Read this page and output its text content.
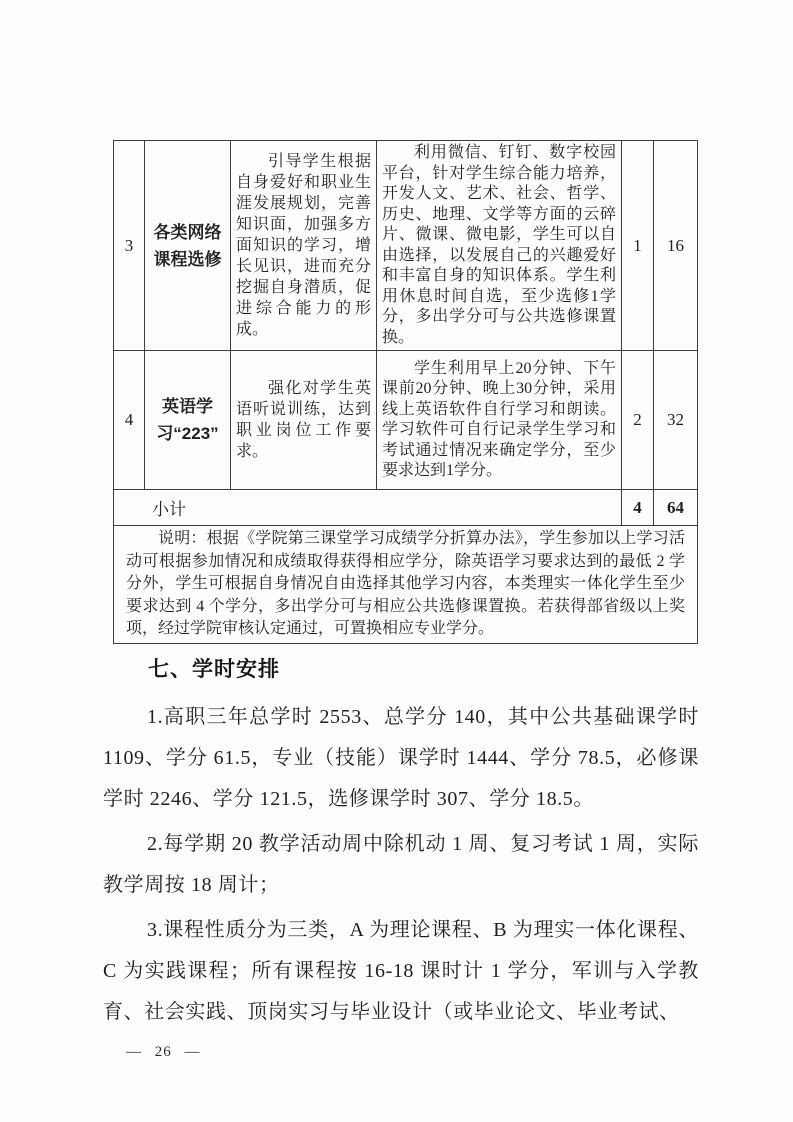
3	各类网络课程选修	引导学生根据自身爱好和职业生涯发展规划，完善知识面，加强多方面知识的学习，增长见识，进而充分挖掘自身潜质，促进综合能力的形成。	利用微信、钉钉、数字校园平台，针对学生综合能力培养，开发人文、艺术、社会、哲学、历史、地理、文学等方面的云碎片、微课、微电影，学生可以自由选择，以发展自己的兴趣爱好和丰富自身的知识体系。学生利用休息时间自选，至少选修1学分，多出学分可与公共选修课置换。	1	16
4	英语学习“223”	强化对学生英语听说训练，达到职业岗位工作要求。	学生利用早上20分钟、下午课前20分钟、晚上30分钟，采用线上英语软件自行学习和朗读。学习软件可自行记录学生学习和考试通过情况来确定学分，至少要求达到1学分。	2	32
小计				4	64

说明：根据《学院第三课堂学习成绩学分折算办法》，学生参加以上学习活动可根据参加情况和成绩取得获得相应学分，除英语学习要求达到的最低 2 学分外，学生可根据自身情况自由选择其他学习内容，本类理实一体化学生至少要求达到 4 个学分，多出学分可与相应公共选修课置换。若获得部省级以上奖项，经过学院审核认定通过，可置换相应专业学分。					
七、学时安排

1.高职三年总学时 2553、总学分 140，其中公共基础课学时 1109、学分 61.5，专业（技能）课学时 1444、学分 78.5，必修课学时 2246、学分 121.5，选修课学时 307、学分 18.5。

2.每学期 20 教学活动周中除机动 1 周、复习考试 1 周，实际教学周按 18 周计；

3.课程性质分为三类，A 为理论课程、B 为理实一体化课程、C 为实践课程；所有课程按 16-18 课时计 1 学分，军训与入学教育、社会实践、顶岗实习与毕业设计（或毕业论文、毕业考试、

— 26 —
